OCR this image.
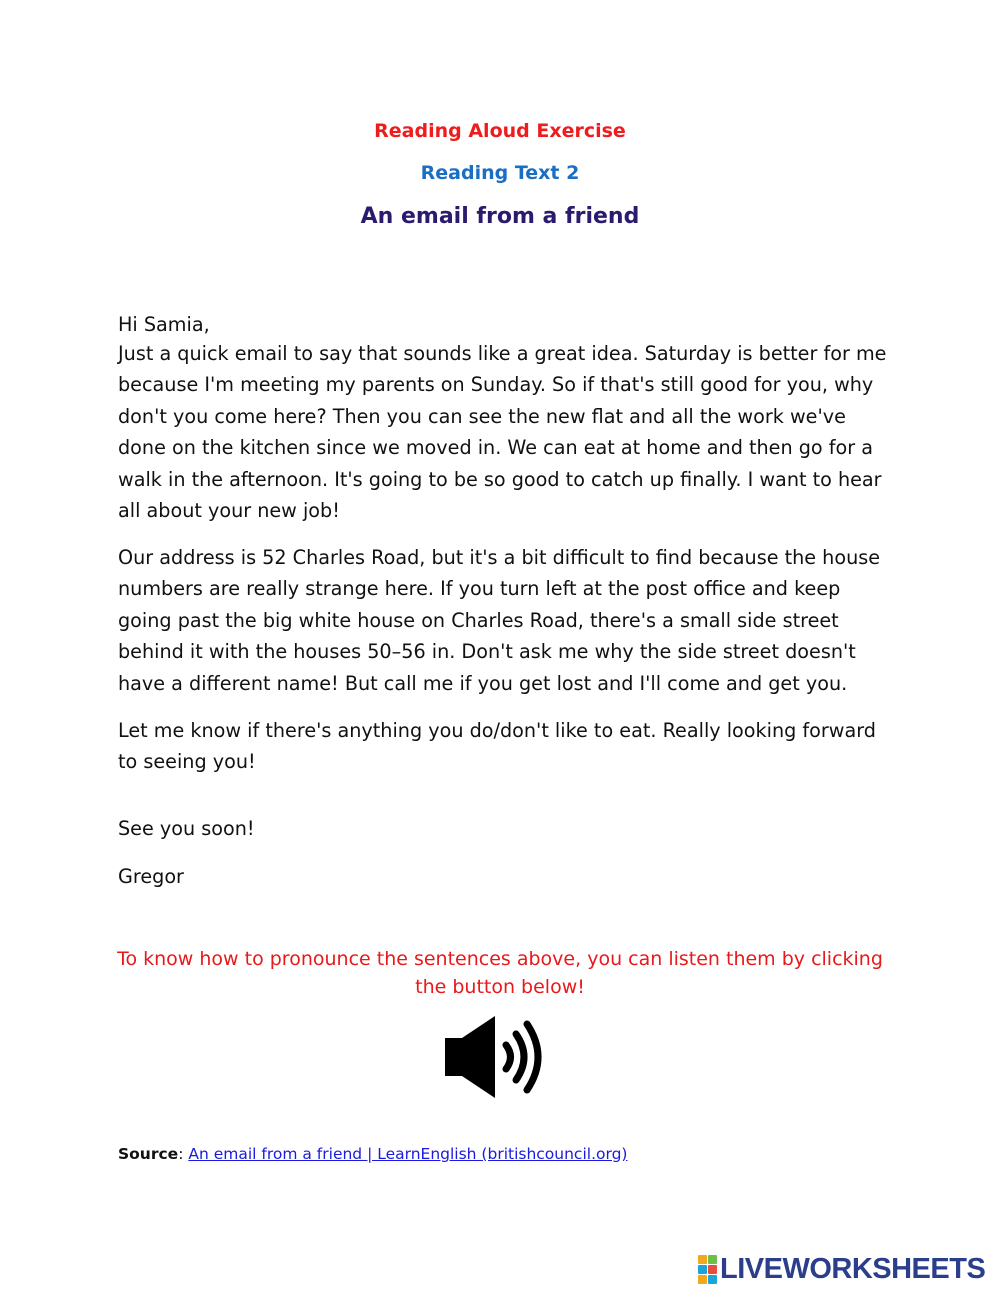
Reading Aloud Exercise
Reading Text 2
An email from a friend

Hi Samia,

Just a quick email to say that sounds like a great idea. Saturday is better for me because I'm meeting my parents on Sunday. So if that's still good for you, why don't you come here? Then you can see the new flat and all the work we've done on the kitchen since we moved in. We can eat at home and then go for a walk in the afternoon. It's going to be so good to catch up finally. I want to hear all about your new job!

Our address is 52 Charles Road, but it's a bit difficult to find because the house numbers are really strange here. If you turn left at the post office and keep going past the big white house on Charles Road, there's a small side street behind it with the houses 50–56 in. Don't ask me why the side street doesn't have a different name! But call me if you get lost and I'll come and get you.

Let me know if there's anything you do/don't like to eat. Really looking forward to seeing you!

See you soon!

Gregor

To know how to pronounce the sentences above, you can listen them by clicking the button below!

Source: An email from a friend | LearnEnglish (britishcouncil.org)

LIVEWORKSHEETS
